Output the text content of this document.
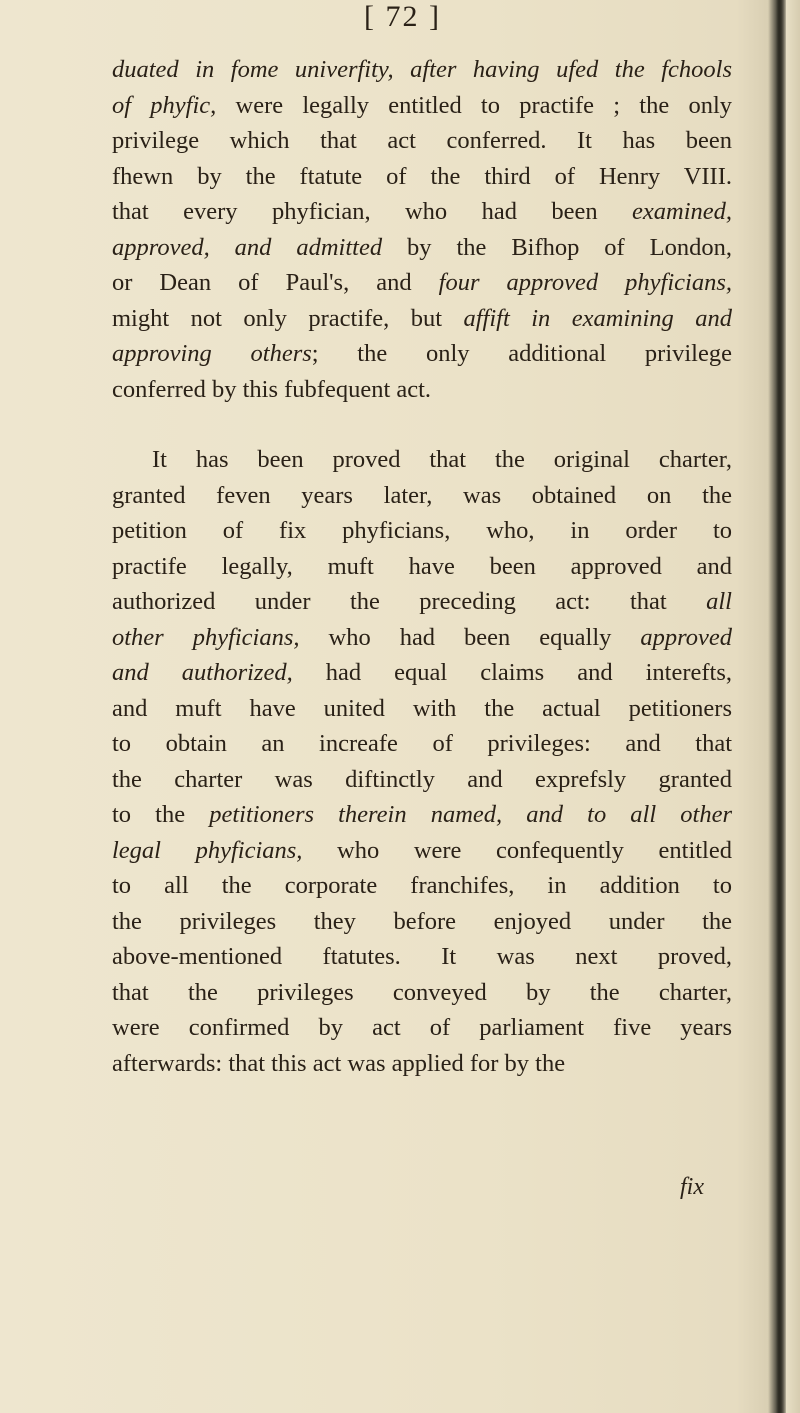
[ 72 ]
duated in fome univerfity, after having ufed the fchools
of phyfic, were legally entitled to practife ; the only
privilege which that act conferred. It has been
fhewn by the ftatute of the third of Henry VIII.
that every phyfician, who had been examined,
approved, and admitted by the Bifhop of London,
or Dean of Paul's, and four approved phyficians,
might not only practife, but affift in examining and
approving others; the only additional privilege
conferred by this fubfequent act.
It has been proved that the original charter,
granted feven years later, was obtained on the
petition of fix phyficians, who, in order to
practife legally, muft have been approved and
authorized under the preceding act: that all
other phyficians, who had been equally approved
and authorized, had equal claims and interefts,
and muft have united with the actual petitioners
to obtain an increafe of privileges: and that
the charter was diftinctly and exprefsly granted
to the petitioners therein named, and to all other
legal phyficians, who were confequently entitled
to all the corporate franchifes, in addition to
the privileges they before enjoyed under the
above-mentioned ftatutes. It was next proved,
that the privileges conveyed by the charter,
were confirmed by act of parliament five years
afterwards: that this act was applied for by the
fix
